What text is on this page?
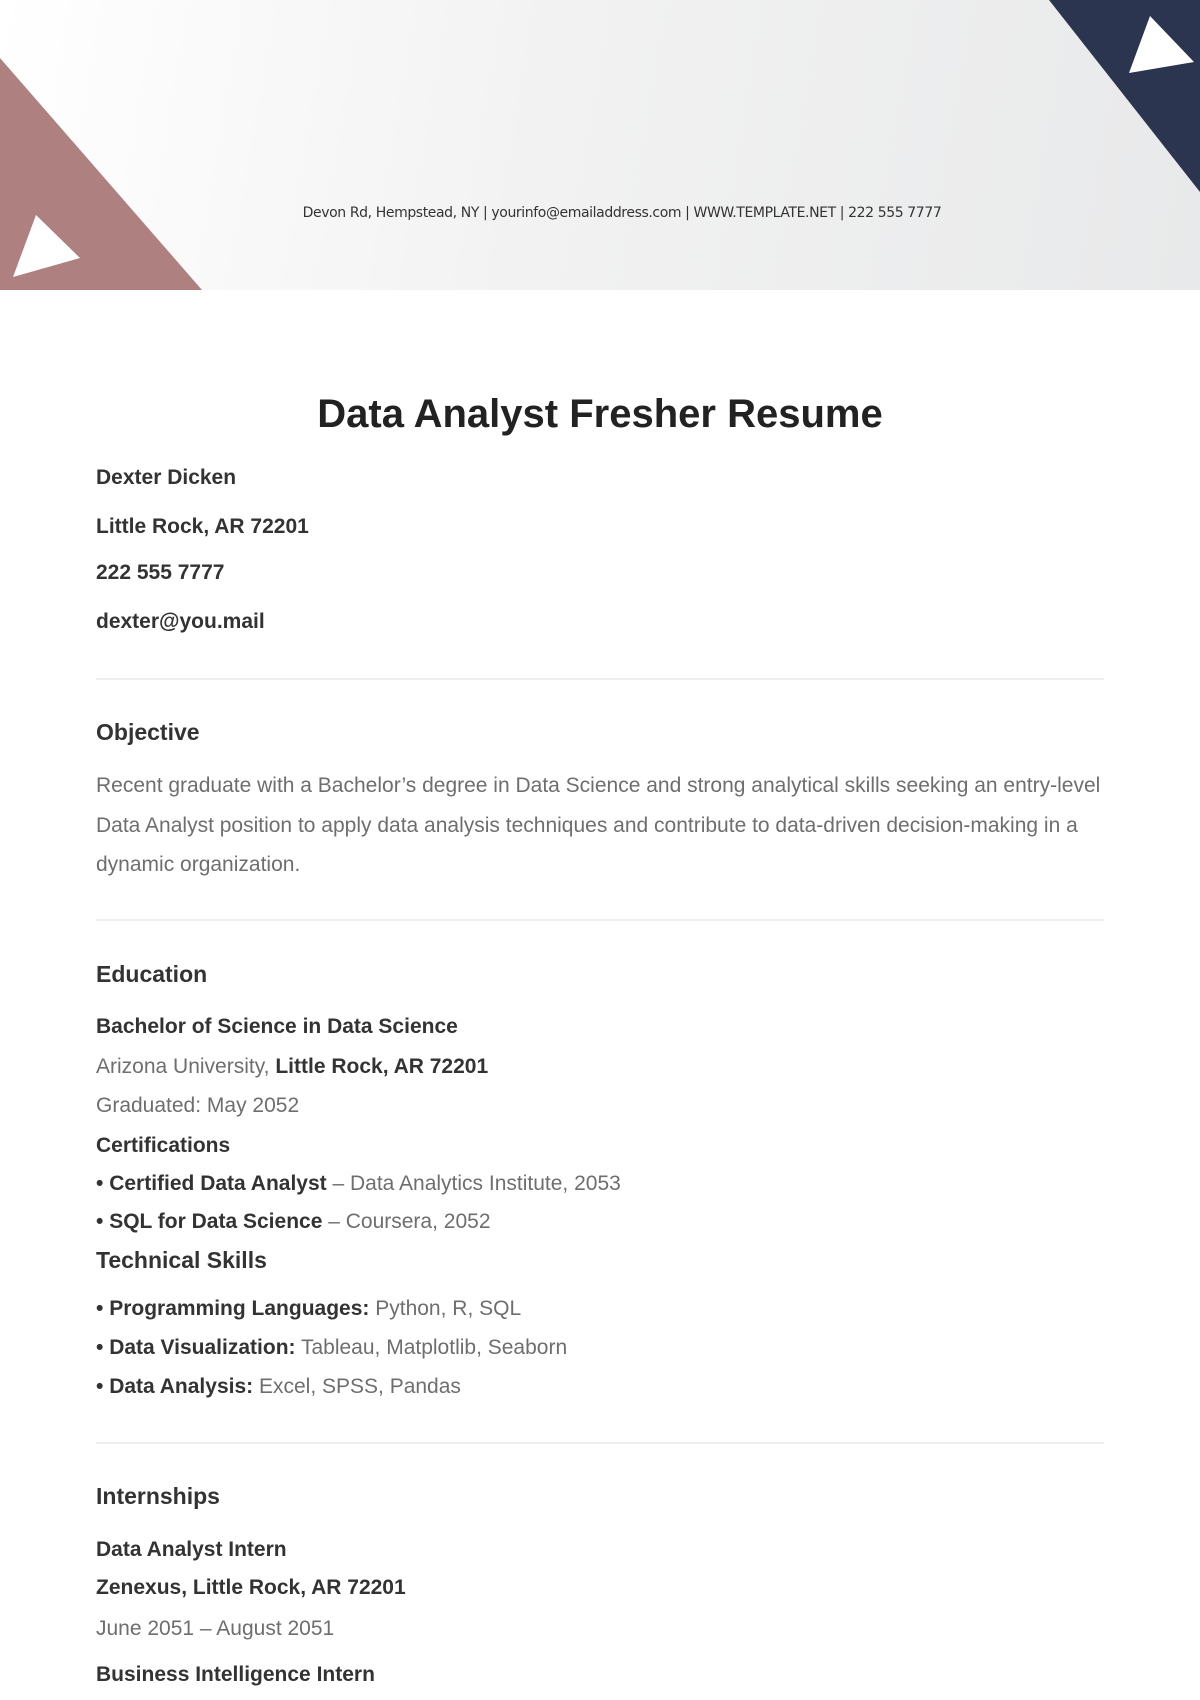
Devon Rd, Hempstead, NY | yourinfo@emailaddress.com | WWW.TEMPLATE.NET | 222 555 7777
Data Analyst Fresher Resume
Dexter Dicken
Little Rock, AR 72201
222 555 7777
dexter@you.mail
Objective

Recent graduate with a Bachelor’s degree in Data Science and strong analytical skills seeking an entry-level Data Analyst position to apply data analysis techniques and contribute to data-driven decision-making in a dynamic organization.

Education
Bachelor of Science in Data Science
Arizona University, Little Rock, AR 72201
Graduated: May 2052
Certifications
• Certified Data Analyst – Data Analytics Institute, 2053
• SQL for Data Science – Coursera, 2052
Technical Skills
• Programming Languages: Python, R, SQL
• Data Visualization: Tableau, Matplotlib, Seaborn
• Data Analysis: Excel, SPSS, Pandas
Internships
Data Analyst Intern
Zenexus, Little Rock, AR 72201
June 2051 – August 2051
Business Intelligence Intern
